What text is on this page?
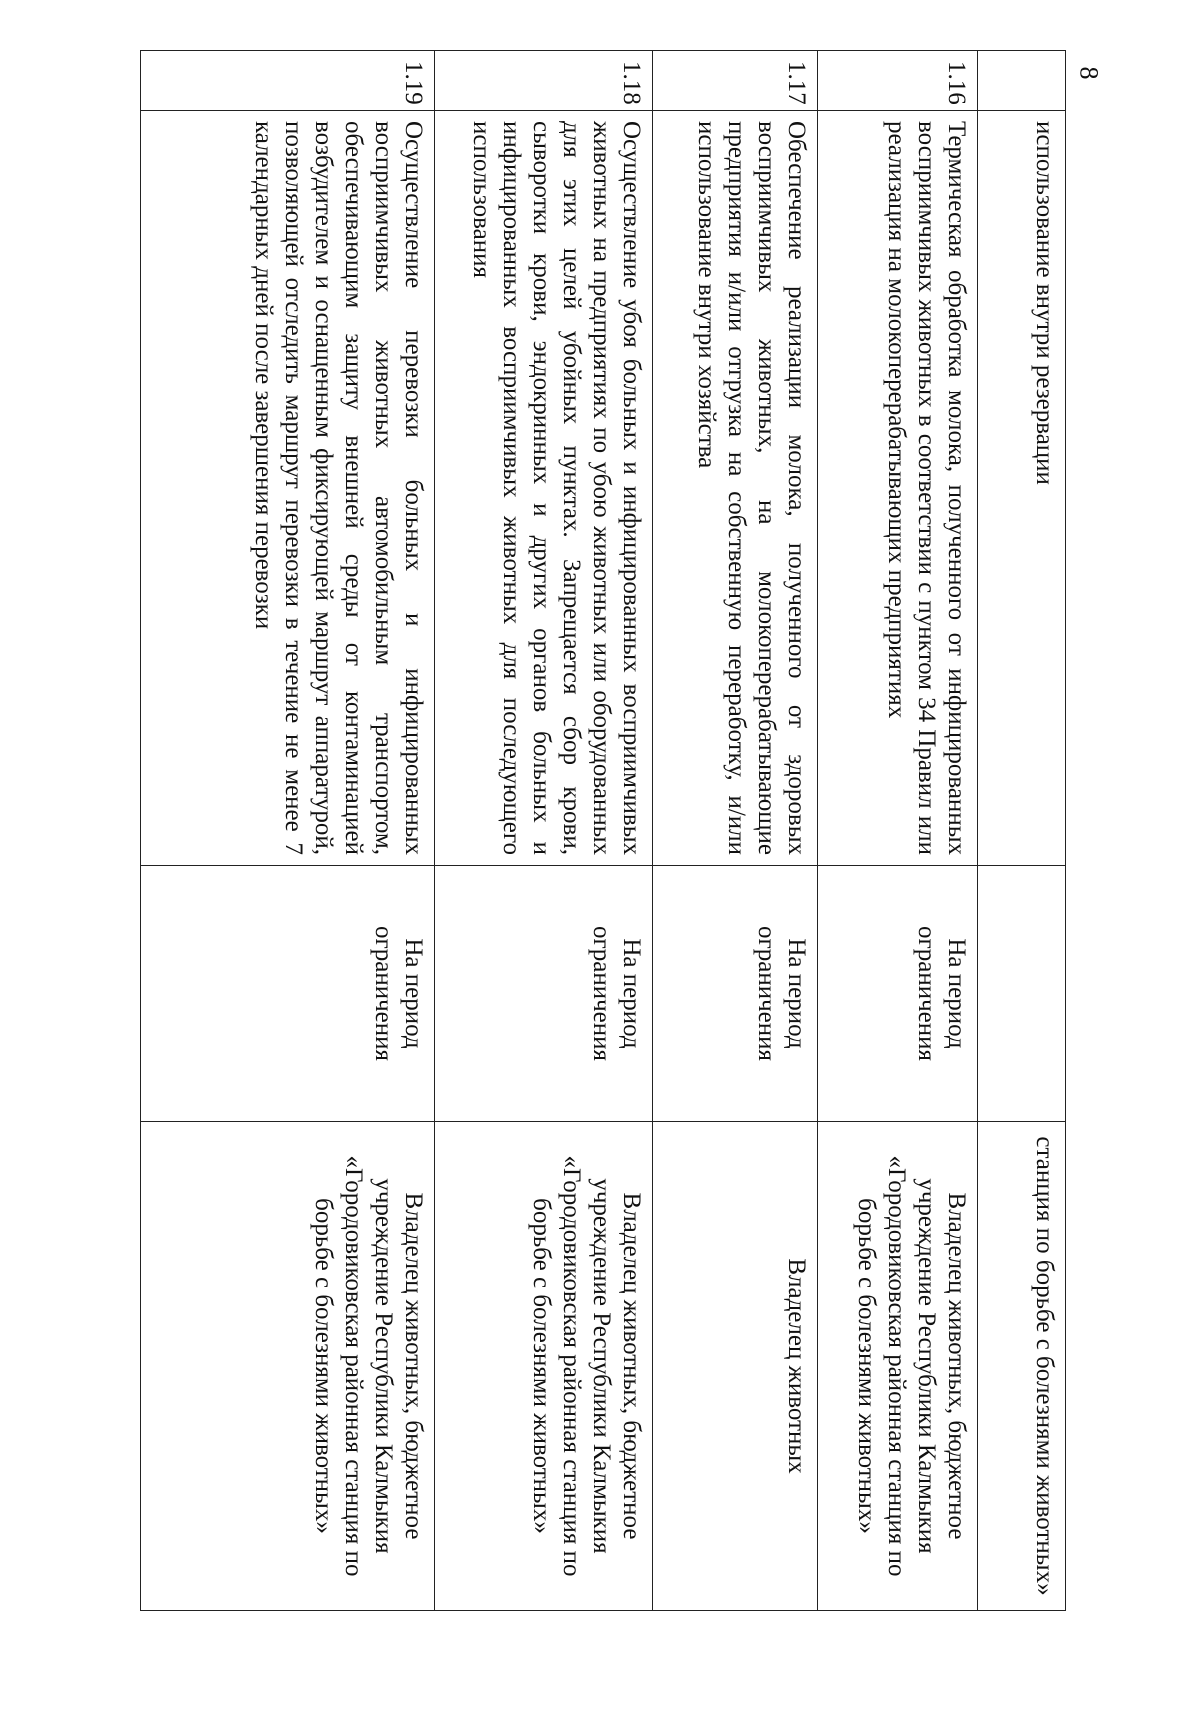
8

	использование внутри резервации		станция по борьбе с болезнями животных»

1.16	Термическая обработка молока, полученного от инфицированных восприимчивых животных в соответствии с пунктом 34 Правил или реализация на молокоперерабатывающих предприятиях	На период ограничения	Владелец животных, бюджетное учреждение Республики Калмыкия «Городовиковская районная станция по борьбе с болезнями животных»
1.17	Обеспечение реализации молока, полученного от здоровых восприимчивых животных, на молокоперерабатывающие предприятия и/или отгрузка на собственную переработку, и/или использование внутри хозяйства	На период ограничения	Владелец животных
1.18	Осуществление убоя больных и инфицированных восприимчивых животных на предприятиях по убою животных или оборудованных для этих целей убойных пунктах. Запрещается сбор крови, сыворотки крови, эндокринных и других органов больных и инфицированных восприимчивых животных для последующего использования	На период ограничения	Владелец животных, бюджетное учреждение Республики Калмыкия «Городовиковская районная станция по борьбе с болезнями животных»
1.19	Осуществление перевозки больных и инфицированных восприимчивых животных автомобильным транспортом, обеспечивающим защиту внешней среды от контаминацией возбудителем и оснащенным фиксирующей маршрут аппаратурой, позволяющей отследить маршрут перевозки в течение не менее 7 календарных дней после завершения перевозки	На период ограничения	Владелец животных, бюджетное учреждение Республики Калмыкия «Городовиковская районная станция по борьбе с болезнями животных»
